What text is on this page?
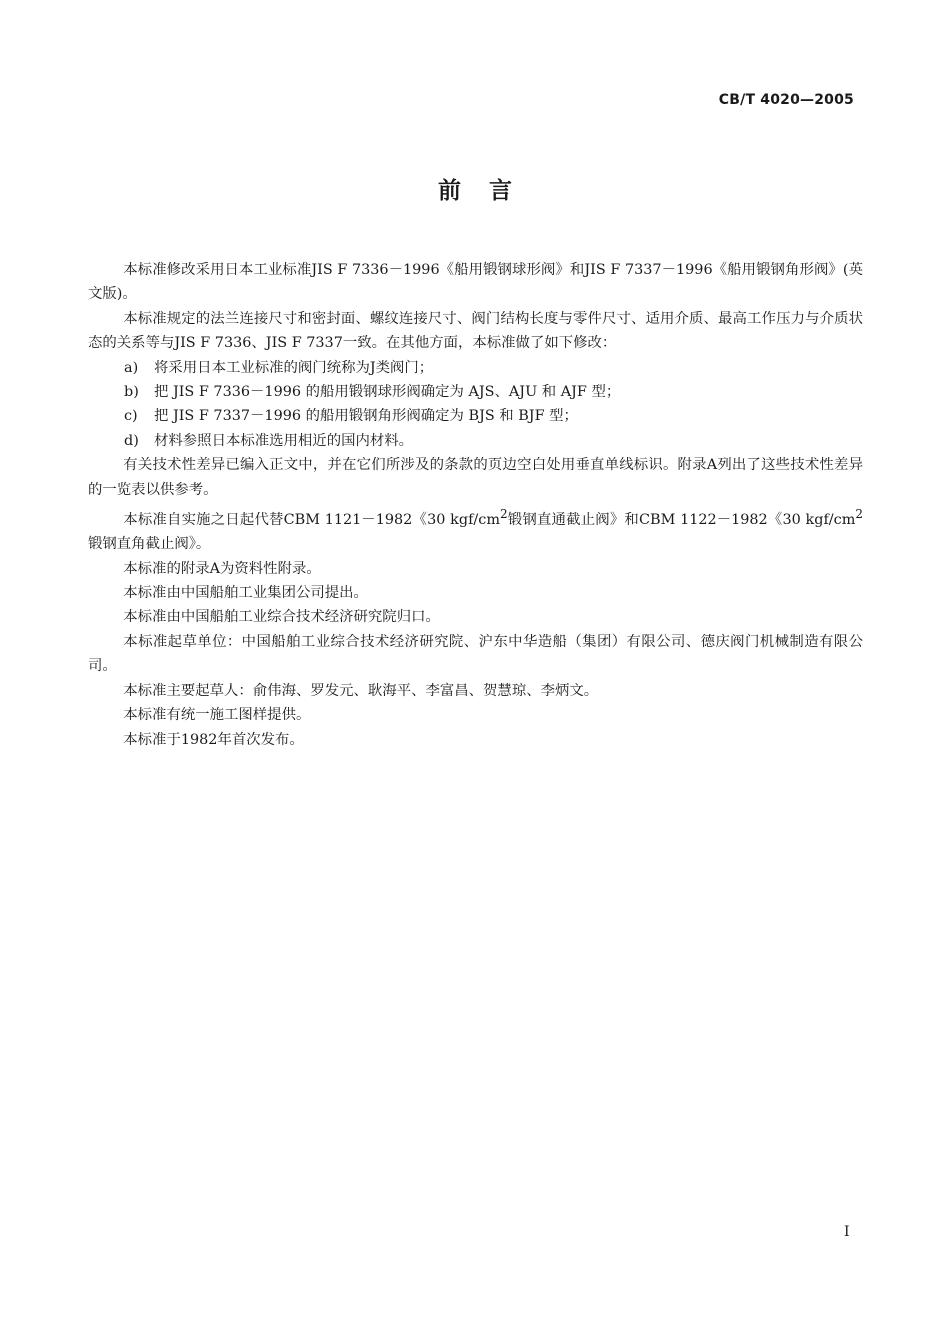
CB/T 4020—2005
前言

本标准修改采用日本工业标准JIS F 7336－1996《船用锻钢球形阀》和JIS F 7337－1996《船用锻钢角形阀》(英文版)。

本标准规定的法兰连接尺寸和密封面、螺纹连接尺寸、阀门结构长度与零件尺寸、适用介质、最高工作压力与介质状态的关系等与JIS F 7336、JIS F 7337一致。在其他方面，本标准做了如下修改：

a) 将采用日本工业标准的阀门统称为J类阀门；

b) 把 JIS F 7336－1996 的船用锻钢球形阀确定为 AJS、AJU 和 AJF 型；

c) 把 JIS F 7337－1996 的船用锻钢角形阀确定为 BJS 和 BJF 型；

d) 材料参照日本标准选用相近的国内材料。

有关技术性差异已编入正文中，并在它们所涉及的条款的页边空白处用垂直单线标识。附录A列出了这些技术性差异的一览表以供参考。

本标准自实施之日起代替CBM 1121－1982《30 kgf/$cm^2$锻钢直通截止阀》和CBM 1122－1982《30 kgf/$cm^2$锻钢直角截止阀》。

本标准的附录A为资料性附录。

本标准由中国船舶工业集团公司提出。

本标准由中国船舶工业综合技术经济研究院归口。

本标准起草单位：中国船舶工业综合技术经济研究院、沪东中华造船（集团）有限公司、德庆阀门机械制造有限公司。

本标准主要起草人：俞伟海、罗发元、耿海平、李富昌、贺慧琼、李炳文。

本标准有统一施工图样提供。

本标准于1982年首次发布。

I
